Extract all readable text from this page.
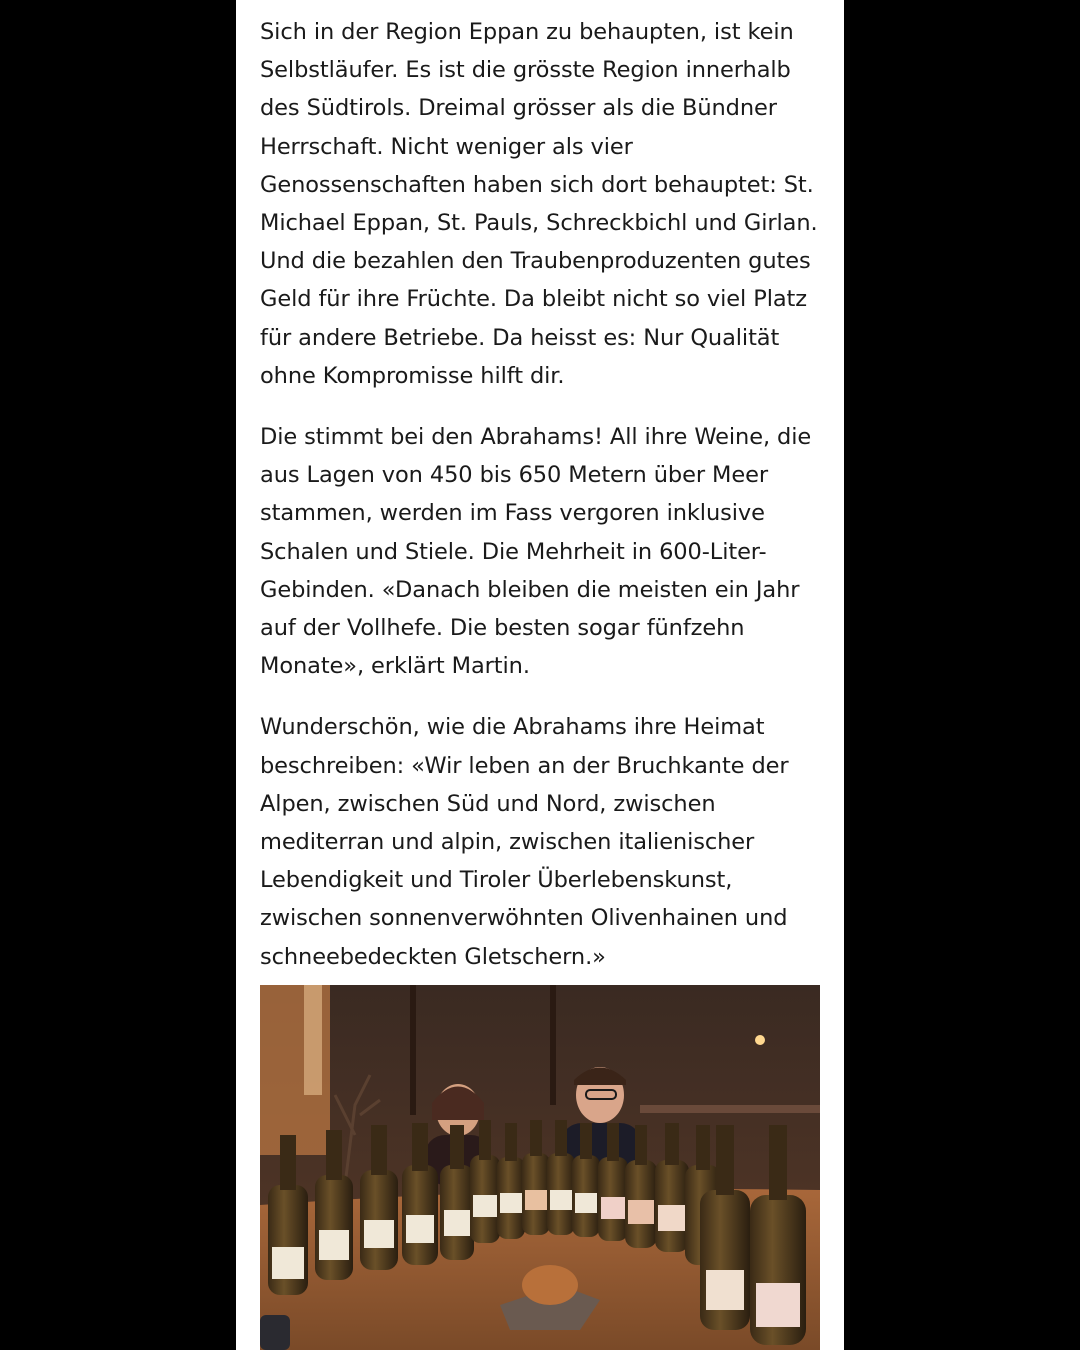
Sich in der Region Eppan zu behaupten, ist kein Selbstläufer. Es ist die grösste Region innerhalb des Südtirols. Dreimal grösser als die Bündner Herrschaft. Nicht weniger als vier Genossenschaften haben sich dort behauptet: St. Michael Eppan, St. Pauls, Schreckbichl und Girlan. Und die bezahlen den Traubenproduzenten gutes Geld für ihre Früchte. Da bleibt nicht so viel Platz für andere Betriebe. Da heisst es: Nur Qualität ohne Kompromisse hilft dir.

Die stimmt bei den Abrahams! All ihre Weine, die aus Lagen von 450 bis 650 Metern über Meer stammen, werden im Fass vergoren inklusive Schalen und Stiele. Die Mehrheit in 600-Liter-Gebinden. «Danach bleiben die meisten ein Jahr auf der Vollhefe. Die besten sogar fünfzehn Monate», erklärt Martin.

Wunderschön, wie die Abrahams ihre Heimat beschreiben: «Wir leben an der Bruchkante der Alpen, zwischen Süd und Nord, zwischen mediterran und alpin, zwischen italienischer Lebendigkeit und Tiroler Überlebenskunst, zwischen sonnenverwöhnten Olivenhainen und schneebedeckten Gletschern.»
